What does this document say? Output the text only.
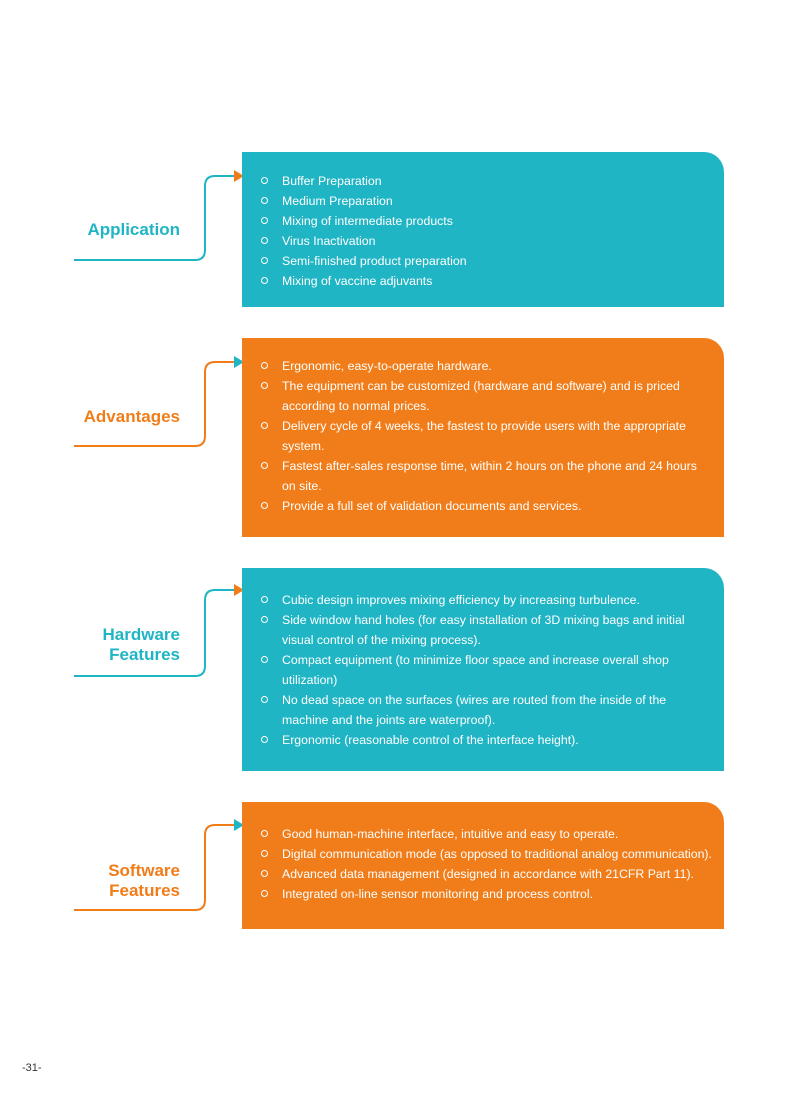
Application
Buffer Preparation
Medium Preparation
Mixing of intermediate products
Virus Inactivation
Semi-finished product preparation
Mixing of vaccine adjuvants
Advantages
Ergonomic, easy-to-operate hardware.
The equipment can be customized (hardware and software) and is priced according to normal prices.
Delivery cycle of 4 weeks, the fastest to provide users with the appropriate system.
Fastest after-sales response time, within 2 hours on the phone and 24 hours on site.
Provide a full set of validation documents and services.
Hardware
Features
Cubic design improves mixing efficiency by increasing turbulence.
Side window hand holes (for easy installation of 3D mixing bags and initial visual control of the mixing process).
Compact equipment (to minimize floor space and increase overall shop utilization)
No dead space on the surfaces (wires are routed from the inside of the machine and the joints are waterproof).
Ergonomic (reasonable control of the interface height).
Software
Features
Good human-machine interface, intuitive and easy to operate.
Digital communication mode (as opposed to traditional analog communication).
Advanced data management (designed in accordance with 21CFR Part 11).
Integrated on-line sensor monitoring and process control.

-31-
